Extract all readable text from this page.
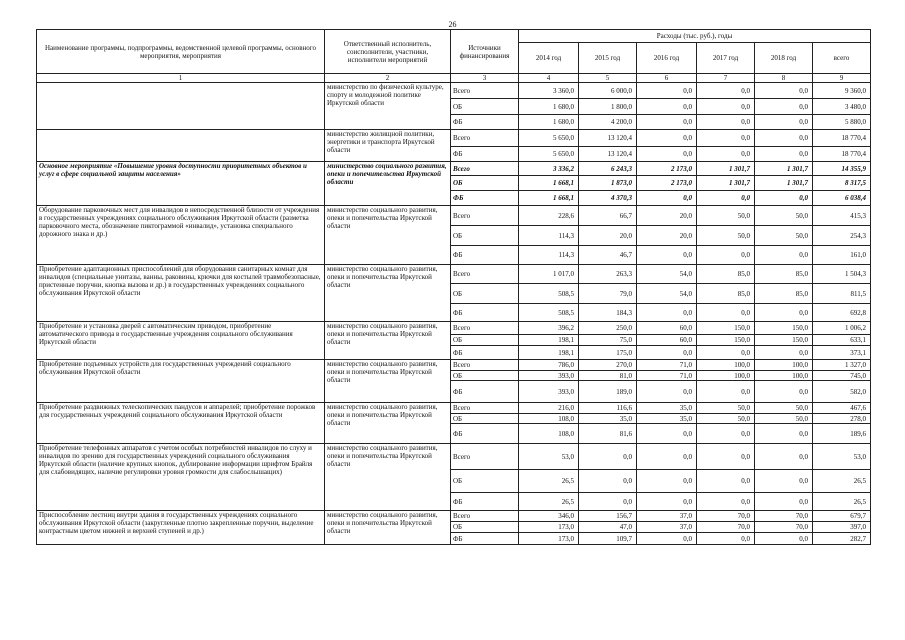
26
Наименование программы, подпрограммы, ведомственной целевой программы, основного мероприятия, мероприятия	Ответственный исполнитель, соисполнители, участники, исполнители мероприятий	Источники финансирования	Расходы (тыс. руб.), годы					
			2014 год	2015 год	2016 год	2017 год	2018 год	всего
1	2	3	4	5	6	7	8	9
	министерство по физической культуре, спорту и молодежной политике Иркутской области	Всего	3 360,0	6 000,0	0,0	0,0	0,0	9 360,0
		ОБ	1 680,0	1 800,0	0,0	0,0	0,0	3 480,0
		ФБ	1 680,0	4 200,0	0,0	0,0	0,0	5 880,0
	министерство жилищной политики, энергетики и транспорта Иркутской области	Всего	5 650,0	13 120,4	0,0	0,0	0,0	18 770,4
		ФБ	5 650,0	13 120,4	0,0	0,0	0,0	18 770,4
Основное мероприятие «Повышение уровня доступности приоритетных объектов и услуг в сфере социальной защиты населения»	министерство социального развития, опеки и попечительства Иркутской области	Всего	3 336,2	6 243,3	2 173,0	1 301,7	1 301,7	14 355,9
		ОБ	1 668,1	1 873,0	2 173,0	1 301,7	1 301,7	8 317,5
		ФБ	1 668,1	4 370,3	0,0	0,0	0,0	6 038,4
Оборудование парковочных мест для инвалидов в непосредственной близости от учреждения в государственных учреждениях социального обслуживания Иркутской области (разметка парковочного места, обозначение пиктограммой «инвалид», установка специального дорожного знака и др.)	министерство социального развития, опеки и попечительства Иркутской области	Всего	228,6	66,7	20,0	50,0	50,0	415,3
		ОБ	114,3	20,0	20,0	50,0	50,0	254,3
		ФБ	114,3	46,7	0,0	0,0	0,0	161,0
Приобретение адаптационных приспособлений для оборудования санитарных комнат для инвалидов (специальные унитазы, ванны, раковины, крючки для костылей травмобезопасные, пристенные поручни, кнопка вызова и др.) в государственных учреждениях социального обслуживания Иркутской области	министерство социального развития, опеки и попечительства Иркутской области	Всего	1 017,0	263,3	54,0	85,0	85,0	1 504,3
		ОБ	508,5	79,0	54,0	85,0	85,0	811,5
		ФБ	508,5	184,3	0,0	0,0	0,0	692,8
Приобретение и установка дверей с автоматическим приводом, приобретение автоматического привода в государственные учреждения социального обслуживания Иркутской области	министерство социального развития, опеки и попечительства Иркутской области	Всего	396,2	250,0	60,0	150,0	150,0	1 006,2
		ОБ	198,1	75,0	60,0	150,0	150,0	633,1
		ФБ	198,1	175,0	0,0	0,0	0,0	373,1
Приобретение подъемных устройств для государственных учреждений социального обслуживания Иркутской области	министерство социального развития, опеки и попечительства Иркутской области	Всего	786,0	270,0	71,0	100,0	100,0	1 327,0
		ОБ	393,0	81,0	71,0	100,0	100,0	745,0
		ФБ	393,0	189,0	0,0	0,0	0,0	582,0
Приобретение раздвижных телескопических пандусов и аппарелей; приобретение порожков для государственных учреждений социального обслуживания Иркутской области	министерство социального развития, опеки и попечительства Иркутской области	Всего	216,0	116,6	35,0	50,0	50,0	467,6
		ОБ	108,0	35,0	35,0	50,0	50,0	278,0
		ФБ	108,0	81,6	0,0	0,0	0,0	189,6
Приобретение телефонных аппаратов с учетом особых потребностей инвалидов по слуху и инвалидов по зрению для государственных учреждений социального обслуживания Иркутской области (наличие крупных кнопок, дублирование информации шрифтом Брайля для слабовидящих, наличие регулировки уровня громкости для слабослышащих)	министерство социального развития, опеки и попечительства Иркутской области	Всего	53,0	0,0	0,0	0,0	0,0	53,0
		ОБ	26,5	0,0	0,0	0,0	0,0	26,5
		ФБ	26,5	0,0	0,0	0,0	0,0	26,5
Приспособление лестниц внутри здания в государственных учреждениях социального обслуживания Иркутской области (закругленные плотно закрепленные поручни, выделение контрастным цветом нижней и верхней ступеней и др.)	министерство социального развития, опеки и попечительства Иркутской области	Всего	346,0	156,7	37,0	70,0	70,0	679,7
		ОБ	173,0	47,0	37,0	70,0	70,0	397,0
		ФБ	173,0	109,7	0,0	0,0	0,0	282,7
